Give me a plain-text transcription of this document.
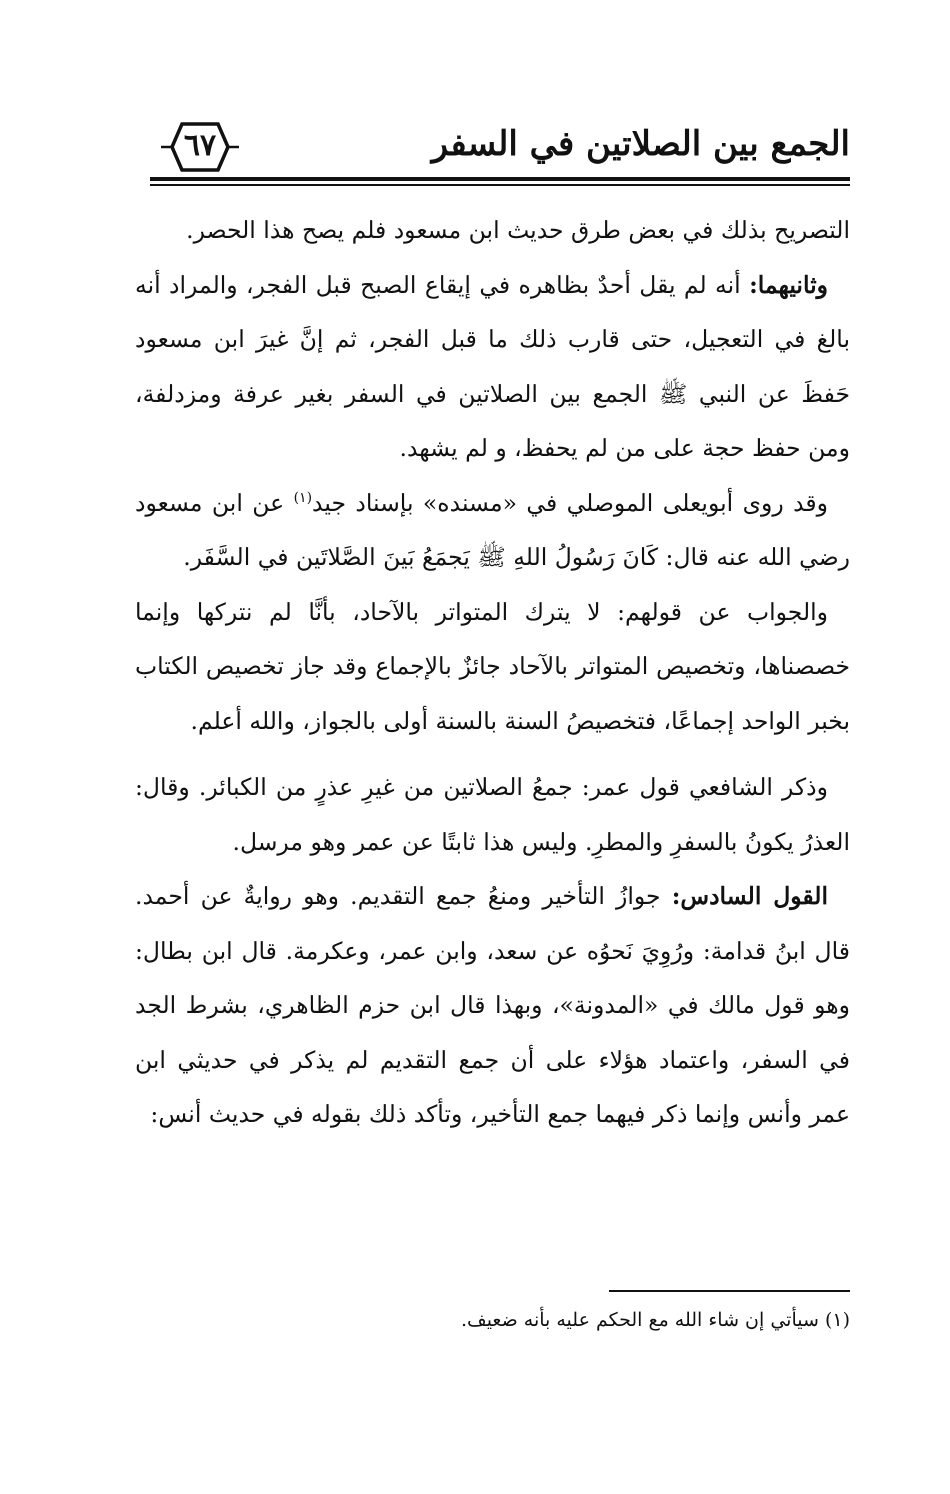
الجمع بين الصلاتين في السفر
٦٧

التصريح بذلك في بعض طرق حديث ابن مسعود فلم يصح هذا الحصر.

وثانيهما: أنه لم يقل أحدٌ بظاهره في إيقاع الصبح قبل الفجر، والمراد أنه بالغ في التعجيل، حتى قارب ذلك ما قبل الفجر، ثم إنَّ غيرَ ابن مسعود حَفظَ عن النبي ﷺ الجمع بين الصلاتين في السفر بغير عرفة ومزدلفة، ومن حفظ حجة على من لم يحفظ، و لم يشهد.

وقد روى أبويعلى الموصلي في «مسنده» بإسناد جيد$^{(١)}$ عن ابن مسعود رضي الله عنه قال: كَانَ رَسُولُ اللهِ ﷺ يَجمَعُ بَينَ الصَّلاتَين في السَّفَر.

والجواب عن قولهم: لا يترك المتواتر بالآحاد، بأنَّا لم نتركها وإنما خصصناها، وتخصيص المتواتر بالآحاد جائزٌ بالإجماع وقد جاز تخصيص الكتاب بخبر الواحد إجماعًا، فتخصيصُ السنة بالسنة أولى بالجواز، والله أعلم.

وذكر الشافعي قول عمر: جمعُ الصلاتين من غيرِ عذرٍ من الكبائر. وقال: العذرُ يكونُ بالسفرِ والمطرِ. وليس هذا ثابتًا عن عمر وهو مرسل.

القول السادس: جوازُ التأخير ومنعُ جمع التقديم. وهو روايةٌ عن أحمد. قال ابنُ قدامة: ورُوِيَ نَحوُه عن سعد، وابن عمر، وعكرمة. قال ابن بطال: وهو قول مالك في «المدونة»، وبهذا قال ابن حزم الظاهري، بشرط الجد في السفر، واعتماد هؤلاء على أن جمع التقديم لم يذكر في حديثي ابن عمر وأنس وإنما ذكر فيهما جمع التأخير، وتأكد ذلك بقوله في حديث أنس:

(١) سيأتي إن شاء الله مع الحكم عليه بأنه ضعيف.
